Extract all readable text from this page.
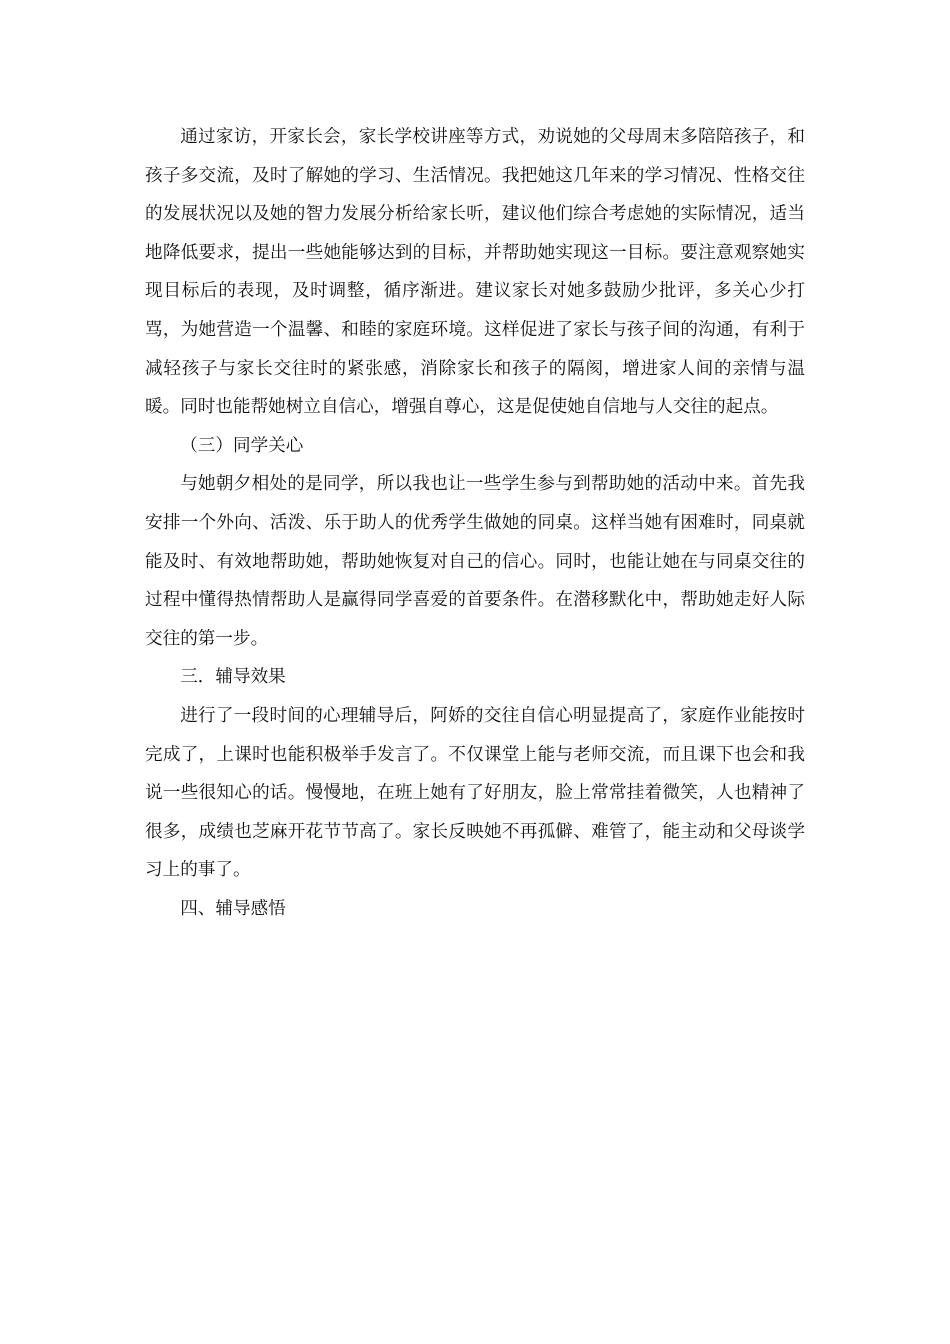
通过家访，开家长会，家长学校讲座等方式，劝说她的父母周末多陪陪孩子，和孩子多交流，及时了解她的学习、生活情况。我把她这几年来的学习情况、性格交往的发展状况以及她的智力发展分析给家长听，建议他们综合考虑她的实际情况，适当地降低要求，提出一些她能够达到的目标，并帮助她实现这一目标。要注意观察她实现目标后的表现，及时调整，循序渐进。建议家长对她多鼓励少批评，多关心少打骂，为她营造一个温馨、和睦的家庭环境。这样促进了家长与孩子间的沟通，有利于减轻孩子与家长交往时的紧张感，消除家长和孩子的隔阂，增进家人间的亲情与温暖。同时也能帮她树立自信心，增强自尊心，这是促使她自信地与人交往的起点。

（三）同学关心

与她朝夕相处的是同学，所以我也让一些学生参与到帮助她的活动中来。首先我安排一个外向、活泼、乐于助人的优秀学生做她的同桌。这样当她有困难时，同桌就能及时、有效地帮助她，帮助她恢复对自己的信心。同时，也能让她在与同桌交往的过程中懂得热情帮助人是赢得同学喜爱的首要条件。在潜移默化中，帮助她走好人际交往的第一步。

三．辅导效果

进行了一段时间的心理辅导后，阿娇的交往自信心明显提高了，家庭作业能按时完成了，上课时也能积极举手发言了。不仅课堂上能与老师交流，而且课下也会和我说一些很知心的话。慢慢地，在班上她有了好朋友，脸上常常挂着微笑，人也精神了很多，成绩也芝麻开花节节高了。家长反映她不再孤僻、难管了，能主动和父母谈学习上的事了。

四、辅导感悟
